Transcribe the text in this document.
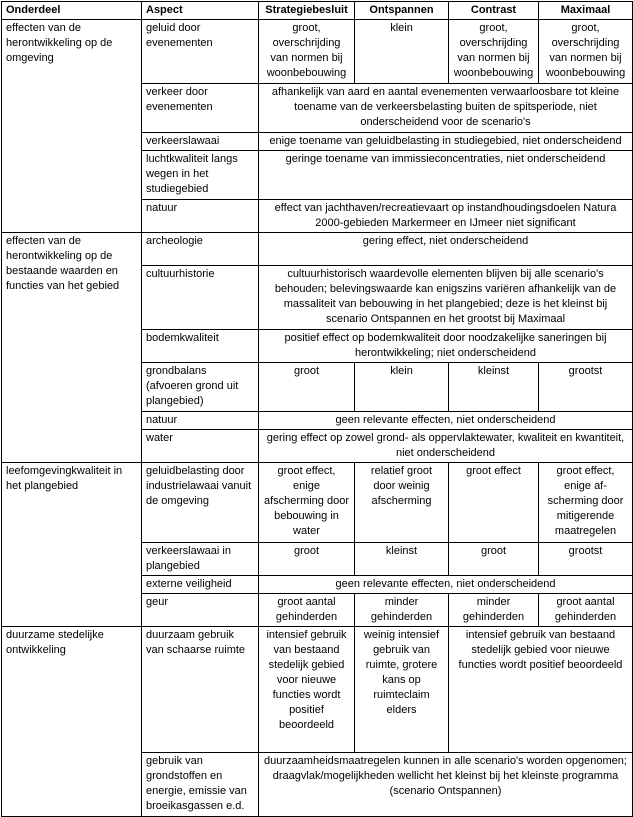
Onderdeel	Aspect	Strategiebesluit	Ontspannen	Contrast	Maximaal
effecten van de herontwikkeling op de omgeving	geluid door evenementen	groot, overschrijding van normen bij woonbebouwing	klein	groot, overschrijding van normen bij woonbebouwing	groot, overschrijding van normen bij woonbebouwing
	verkeer door evenementen	afhankelijk van aard en aantal evenementen verwaarloosbare tot kleine toename van de verkeersbelasting buiten de spitsperiode, niet onderscheidend voor de scenario's			
	verkeerslawaai	enige toename van geluidbelasting in studiegebied, niet onderscheidend			
	luchtkwaliteit langs wegen in het studiegebied	geringe toename van immissieconcentraties, niet onderscheidend			
	natuur	effect van jachthaven/recreatievaart op instandhoudingsdoelen Natura 2000-gebieden Markermeer en IJmeer niet significant			
effecten van de herontwikkeling op de bestaande waarden en functies van het gebied	archeologie	gering effect, niet onderscheidend			
	cultuurhistorie	cultuurhistorisch waardevolle elementen blijven bij alle scenario's behouden; belevingswaarde kan enigszins variëren afhankelijk van de massaliteit van bebouwing in het plangebied; deze is het kleinst bij scenario Ontspannen en het grootst bij Maximaal			
	bodemkwaliteit	positief effect op bodemkwaliteit door noodzakelijke saneringen bij herontwikkeling; niet onderscheidend			
	grondbalans (afvoeren grond uit plangebied)	groot	klein	kleinst	grootst
	natuur	geen relevante effecten, niet onderscheidend			
	water	gering effect op zowel grond- als oppervlaktewater, kwaliteit en kwantiteit, niet onderscheidend			
leefomgevingkwaliteit in het plangebied	geluidbelasting door industrielawaai vanuit de omgeving	groot effect, enige afscherming door bebouwing in water	relatief groot door weinig afscherming	groot effect	groot effect, enige af-scherming door mitigerende maatregelen
	verkeerslawaai in plangebied	groot	kleinst	groot	grootst
	externe veiligheid	geen relevante effecten, niet onderscheidend			
	geur	groot aantal gehinderden	minder gehinderden	minder gehinderden	groot aantal gehinderden
duurzame stedelijke ontwikkeling	duurzaam gebruik van schaarse ruimte	intensief gebruik van bestaand stedelijk gebied voor nieuwe functies wordt positief beoordeeld	weinig intensief gebruik van ruimte, grotere kans op ruimteclaim elders	intensief gebruik van bestaand stedelijk gebied voor nieuwe functies wordt positief beoordeeld	
	gebruik van grondstoffen en energie, emissie van broeikasgassen e.d.	duurzaamheidsmaatregelen kunnen in alle scenario's worden opgenomen; draagvlak/mogelijkheden wellicht het kleinst bij het kleinste programma (scenario Ontspannen)			
